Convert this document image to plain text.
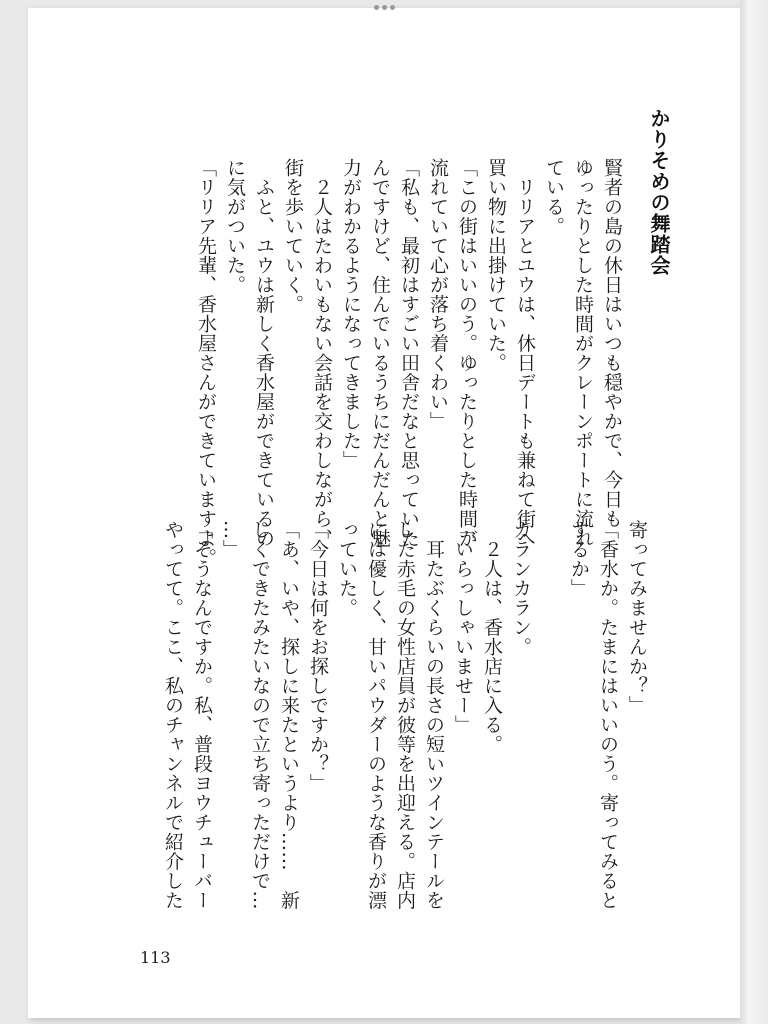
かりそめの舞踏会
賢者の島の休日はいつも穏やかで、今日も
ゆったりとした時間がクレーンポートに流れ
ている。
　リリアとユウは、休日デートも兼ねて街へ
買い物に出掛けていた。
「この街はいいのう。ゆったりとした時間が
流れていて心が落ち着くわい」
「私も、最初はすごい田舎だなと思っていた
んですけど、住んでいるうちにだんだんと魅
力がわかるようになってきました」
　２人はたわいもない会話を交わしながら、
街を歩いていく。
　ふと、ユウは新しく香水屋ができているの
に気がついた。
「リリア先輩、香水屋さんができていますよ。
寄ってみませんか？」
「香水か。たまにはいいのう。寄ってみると
するか」
カランカラン。
　２人は、香水店に入る。
「いらっしゃいませー」
　耳たぶくらいの長さの短いツインテールを
した赤毛の女性店員が彼等を出迎える。店内
には優しく、甘いパウダーのような香りが漂
っていた。
「今日は何をお探しですか？」
「あ、いや、探しに来たというより……　新
しくできたみたいなので立ち寄っただけで…
…」
「そうなんですか。私、普段ヨウチューバー
やってて。ここ、私のチャンネルで紹介した
113
